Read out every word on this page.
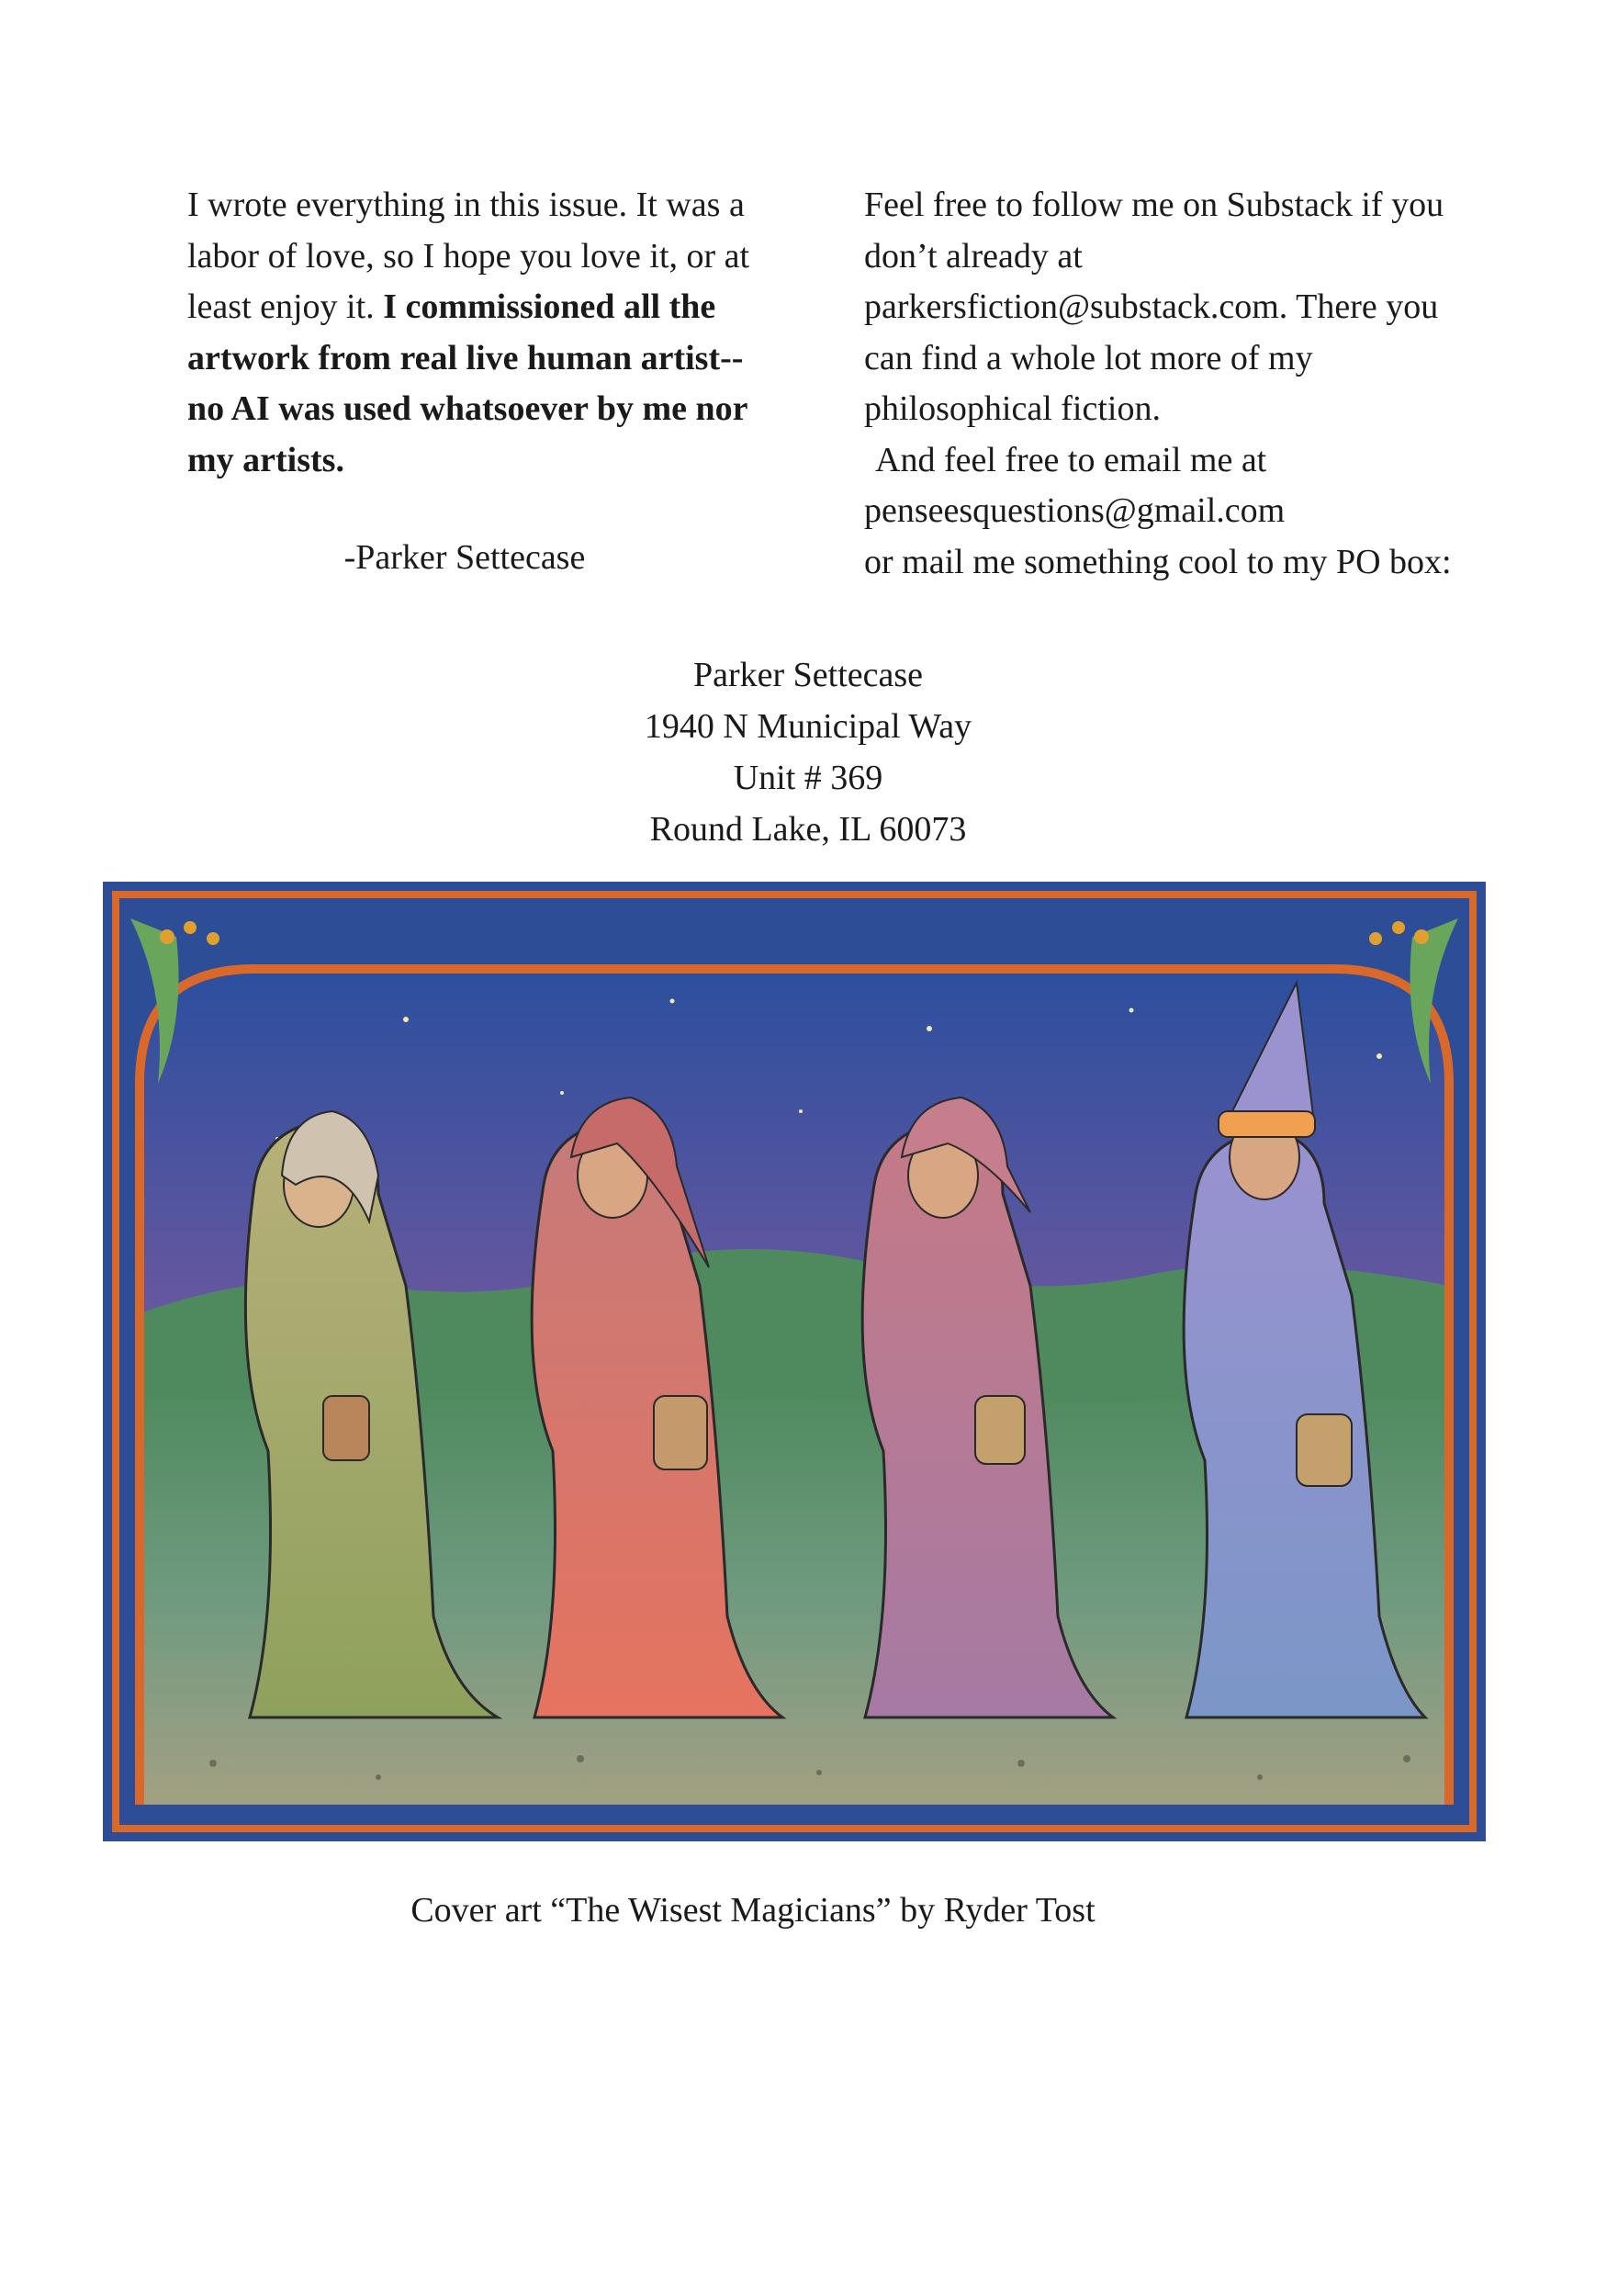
I wrote everything in this issue. It was a labor of love, so I hope you love it, or at least enjoy it. I commissioned all the artwork from real live human artist--no AI was used whatsoever by me nor my artists.

-Parker Settecase

Feel free to follow me on Substack if you don’t already at parkersfiction@substack.com. There you can find a whole lot more of my philosophical fiction.

And feel free to email me at

penseesquestions@gmail.com

or mail me something cool to my PO box:

Parker Settecase
1940 N Municipal Way
Unit # 369
Round Lake, IL 60073
Cover art “The Wisest Magicians” by Ryder Tost
